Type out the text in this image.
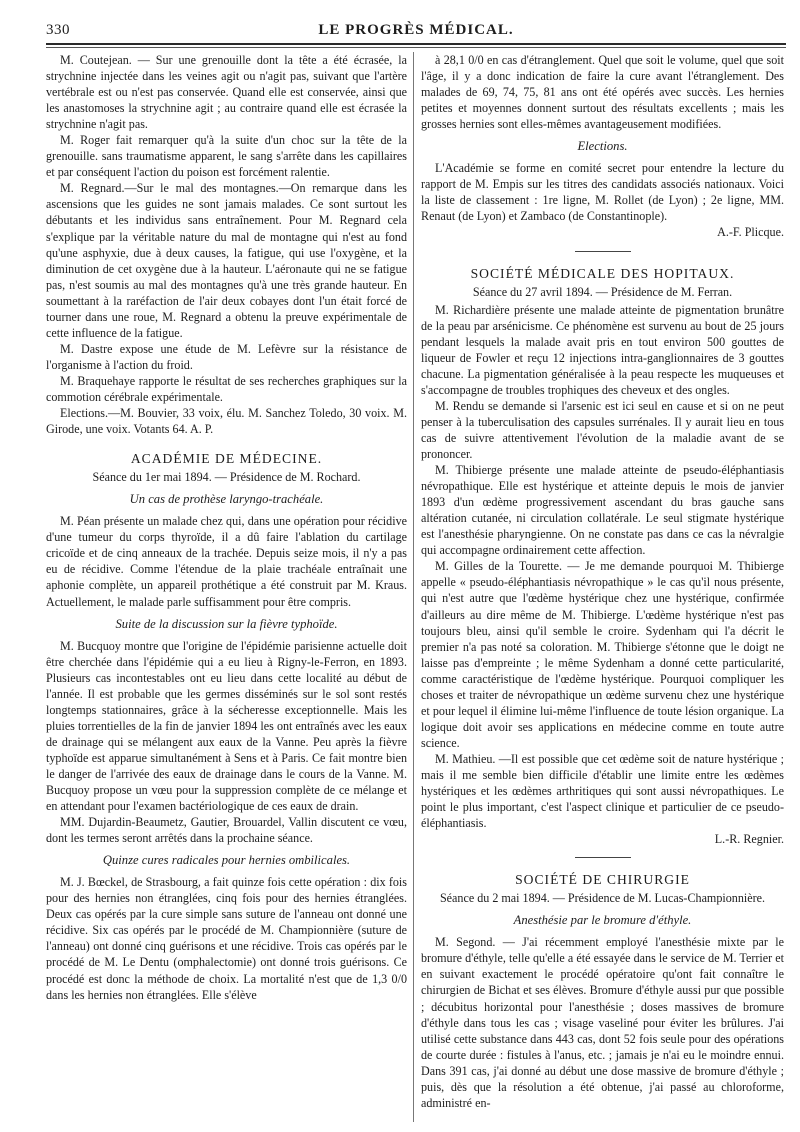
330	LE PROGRÈS MÉDICAL.

M. Coutejean. — Sur une grenouille dont la tête a été écrasée, la strychnine injectée dans les veines agit ou n'agit pas, suivant que l'artère vertébrale est ou n'est pas conservée. Quand elle est conservée, ainsi que les anastomoses la strychnine agit ; au contraire quand elle est écrasée la strychnine n'agit pas.

M. Roger fait remarquer qu'à la suite d'un choc sur la tête de la grenouille. sans traumatisme apparent, le sang s'arrête dans les capillaires et par conséquent l'action du poison est forcément ralentie.

M. Regnard.—Sur le mal des montagnes.—On remarque dans les ascensions que les guides ne sont jamais malades. Ce sont surtout les débutants et les individus sans entraînement. Pour M. Regnard cela s'explique par la véritable nature du mal de montagne qui n'est au fond qu'une asphyxie, due à deux causes, la fatigue, qui use l'oxygène, et la diminution de cet oxygène due à la hauteur. L'aéronaute qui ne se fatigue pas, n'est soumis au mal des montagnes qu'à une très grande hauteur. En soumettant à la raréfaction de l'air deux cobayes dont l'un était forcé de tourner dans une roue, M. Regnard a obtenu la preuve expérimentale de cette influence de la fatigue.

M. Dastre expose une étude de M. Lefèvre sur la résistance de l'organisme à l'action du froid.

M. Braquehaye rapporte le résultat de ses recherches graphiques sur la commotion cérébrale expérimentale.

Elections.—M. Bouvier, 33 voix, élu. M. Sanchez Toledo, 30 voix. M. Girode, une voix. Votants 64. A. P.

ACADÉMIE DE MÉDECINE.
Séance du 1er mai 1894. — Présidence de M. Rochard.
Un cas de prothèse laryngo-trachéale.

M. Péan présente un malade chez qui, dans une opération pour récidive d'une tumeur du corps thyroïde, il a dû faire l'ablation du cartilage cricoïde et de cinq anneaux de la trachée. Depuis seize mois, il n'y a pas eu de récidive. Comme l'étendue de la plaie trachéale entraînait une aphonie complète, un appareil prothétique a été construit par M. Kraus. Actuellement, le malade parle suffisamment pour être compris.

Suite de la discussion sur la fièvre typhoïde.

M. Bucquoy montre que l'origine de l'épidémie parisienne actuelle doit être cherchée dans l'épidémie qui a eu lieu à Rigny-le-Ferron, en 1893. Plusieurs cas incontestables ont eu lieu dans cette localité au début de l'année. Il est probable que les germes disséminés sur le sol sont restés longtemps stationnaires, grâce à la sécheresse exceptionnelle. Mais les pluies torrentielles de la fin de janvier 1894 les ont entraînés avec les eaux de drainage qui se mélangent aux eaux de la Vanne. Peu après la fièvre typhoïde est apparue simultanément à Sens et à Paris. Ce fait montre bien le danger de l'arrivée des eaux de drainage dans le cours de la Vanne. M. Bucquoy propose un vœu pour la suppression complète de ce mélange et en attendant pour l'examen bactériologique de ces eaux de drain.

MM. Dujardin-Beaumetz, Gautier, Brouardel, Vallin discutent ce vœu, dont les termes seront arrêtés dans la prochaine séance.

Quinze cures radicales pour hernies ombilicales.

M. J. Bœckel, de Strasbourg, a fait quinze fois cette opération : dix fois pour des hernies non étranglées, cinq fois pour des hernies étranglées. Deux cas opérés par la cure simple sans suture de l'anneau ont donné une récidive. Six cas opérés par le procédé de M. Championnière (suture de l'anneau) ont donné cinq guérisons et une récidive. Trois cas opérés par le procédé de M. Le Dentu (omphalectomie) ont donné trois guérisons. Ce procédé est donc la méthode de choix. La mortalité n'est que de 1,3 0/0 dans les hernies non étranglées. Elle s'élève

à 28,1 0/0 en cas d'étranglement. Quel que soit le volume, quel que soit l'âge, il y a donc indication de faire la cure avant l'étranglement. Des malades de 69, 74, 75, 81 ans ont été opérés avec succès. Les hernies petites et moyennes donnent surtout des résultats excellents ; mais les grosses hernies sont elles-mêmes avantageusement modifiées.

Elections.

L'Académie se forme en comité secret pour entendre la lecture du rapport de M. Empis sur les titres des candidats associés nationaux. Voici la liste de classement : 1re ligne, M. Rollet (de Lyon) ; 2e ligne, MM. Renaut (de Lyon) et Zambaco (de Constantinople).

A.-F. Plicque.
SOCIÉTÉ MÉDICALE DES HOPITAUX.
Séance du 27 avril 1894. — Présidence de M. Ferran.

M. Richardière présente une malade atteinte de pigmentation brunâtre de la peau par arsénicisme. Ce phénomène est survenu au bout de 25 jours pendant lesquels la malade avait pris en tout environ 500 gouttes de liqueur de Fowler et reçu 12 injections intra-ganglionnaires de 3 gouttes chacune. La pigmentation généralisée à la peau respecte les muqueuses et s'accompagne de troubles trophiques des cheveux et des ongles.

M. Rendu se demande si l'arsenic est ici seul en cause et si on ne peut penser à la tuberculisation des capsules surrénales. Il y aurait lieu en tous cas de suivre attentivement l'évolution de la maladie avant de se prononcer.

M. Thibierge présente une malade atteinte de pseudo-éléphantiasis névropathique. Elle est hystérique et atteinte depuis le mois de janvier 1893 d'un œdème progressivement ascendant du bras gauche sans altération cutanée, ni circulation collatérale. Le seul stigmate hystérique est l'anesthésie pharyngienne. On ne constate pas dans ce cas la névralgie qui accompagne ordinairement cette affection.

M. Gilles de la Tourette. — Je me demande pourquoi M. Thibierge appelle « pseudo-éléphantiasis névropathique » le cas qu'il nous présente, qui n'est autre que l'œdème hystérique chez une hystérique, confirmée d'ailleurs au dire même de M. Thibierge. L'œdème hystérique n'est pas toujours bleu, ainsi qu'il semble le croire. Sydenham qui l'a décrit le premier n'a pas noté sa coloration. M. Thibierge s'étonne que le doigt ne laisse pas d'empreinte ; le même Sydenham a donné cette particularité, comme caractéristique de l'œdème hystérique. Pourquoi compliquer les choses et traiter de névropathique un œdème survenu chez une hystérique et pour lequel il élimine lui-même l'influence de toute lésion organique. La logique doit avoir ses applications en médecine comme en toute autre science.

M. Mathieu. —Il est possible que cet œdème soit de nature hystérique ; mais il me semble bien difficile d'établir une limite entre les œdèmes hystériques et les œdèmes arthritiques qui sont aussi névropathiques. Le point le plus important, c'est l'aspect clinique et particulier de ce pseudo-éléphantiasis.

L.-R. Regnier.
SOCIÉTÉ DE CHIRURGIE
Séance du 2 mai 1894. — Présidence de M. Lucas-Championnière.
Anesthésie par le bromure d'éthyle.

M. Segond. — J'ai récemment employé l'anesthésie mixte par le bromure d'éthyle, telle qu'elle a été essayée dans le service de M. Terrier et en suivant exactement le procédé opératoire qu'ont fait connaître le chirurgien de Bichat et ses élèves. Bromure d'éthyle aussi pur que possible ; décubitus horizontal pour l'anesthésie ; doses massives de bromure d'éthyle dans tous les cas ; visage vaseliné pour éviter les brûlures. J'ai utilisé cette substance dans 443 cas, dont 52 fois seule pour des opérations de courte durée : fistules à l'anus, etc. ; jamais je n'ai eu le moindre ennui. Dans 391 cas, j'ai donné au début une dose massive de bromure d'éthyle ; puis, dès que la résolution a été obtenue, j'ai passé au chloroforme, administré en-
